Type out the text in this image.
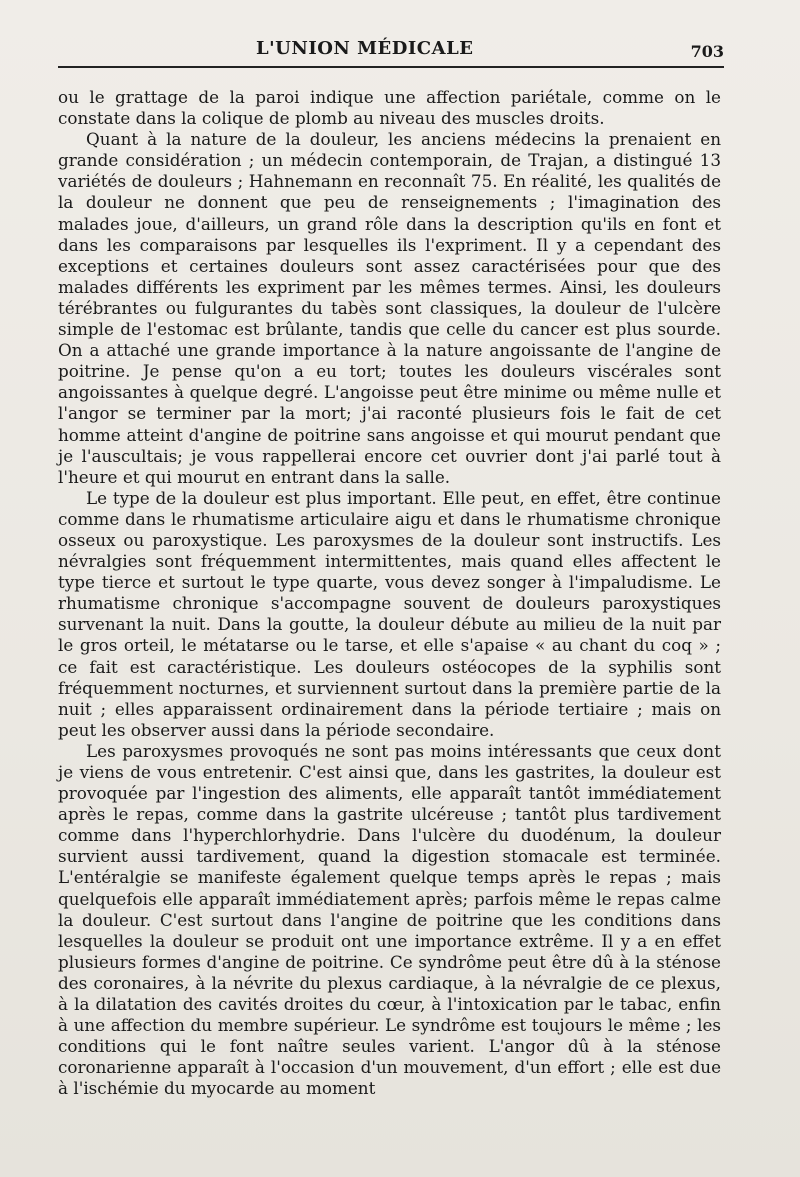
L'UNION MÉDICALE	703

ou le grattage de la paroi indique une affection pariétale, comme on le constate dans la colique de plomb au niveau des muscles droits.

Quant à la nature de la douleur, les anciens médecins la prenaient en grande considération ; un médecin contemporain, de Trajan, a distingué 13 variétés de douleurs ; Hahnemann en reconnaît 75. En réalité, les qualités de la douleur ne donnent que peu de renseignements ; l'imagination des malades joue, d'ailleurs, un grand rôle dans la description qu'ils en font et dans les comparaisons par lesquelles ils l'expriment. Il y a cependant des exceptions et certaines douleurs sont assez caractérisées pour que des malades différents les expriment par les mêmes termes. Ainsi, les douleurs térébrantes ou fulgurantes du tabès sont classiques, la douleur de l'ulcère simple de l'estomac est brûlante, tandis que celle du cancer est plus sourde. On a attaché une grande importance à la nature angoissante de l'angine de poitrine. Je pense qu'on a eu tort; toutes les douleurs viscérales sont angoissantes à quelque degré. L'angoisse peut être minime ou même nulle et l'angor se terminer par la mort; j'ai raconté plusieurs fois le fait de cet homme atteint d'angine de poitrine sans angoisse et qui mourut pendant que je l'auscultais; je vous rappellerai encore cet ouvrier dont j'ai parlé tout à l'heure et qui mourut en entrant dans la salle.

Le type de la douleur est plus important. Elle peut, en effet, être continue comme dans le rhumatisme articulaire aigu et dans le rhumatisme chronique osseux ou paroxystique. Les paroxysmes de la douleur sont instructifs. Les névralgies sont fréquemment intermittentes, mais quand elles affectent le type tierce et surtout le type quarte, vous devez songer à l'impaludisme. Le rhumatisme chronique s'accompagne souvent de douleurs paroxystiques survenant la nuit. Dans la goutte, la douleur débute au milieu de la nuit par le gros orteil, le métatarse ou le tarse, et elle s'apaise « au chant du coq » ; ce fait est caractéristique. Les douleurs ostéocopes de la syphilis sont fréquemment nocturnes, et surviennent surtout dans la première partie de la nuit ; elles apparaissent ordinairement dans la période tertiaire ; mais on peut les observer aussi dans la période secondaire.

Les paroxysmes provoqués ne sont pas moins intéressants que ceux dont je viens de vous entretenir. C'est ainsi que, dans les gastrites, la douleur est provoquée par l'ingestion des aliments, elle apparaît tantôt immédiatement après le repas, comme dans la gastrite ulcéreuse ; tantôt plus tardivement comme dans l'hyperchlorhydrie. Dans l'ulcère du duodénum, la douleur survient aussi tardivement, quand la digestion stomacale est terminée. L'entéralgie se manifeste également quelque temps après le repas ; mais quelquefois elle apparaît immédiatement après; parfois même le repas calme la douleur. C'est surtout dans l'angine de poitrine que les conditions dans lesquelles la douleur se produit ont une importance extrême. Il y a en effet plusieurs formes d'angine de poitrine. Ce syndrôme peut être dû à la sténose des coronaires, à la névrite du plexus cardiaque, à la névralgie de ce plexus, à la dilatation des cavités droites du cœur, à l'intoxication par le tabac, enfin à une affection du membre supérieur. Le syndrôme est toujours le même ; les conditions qui le font naître seules varient. L'angor dû à la sténose coronarienne apparaît à l'occasion d'un mouvement, d'un effort ; elle est due à l'ischémie du myocarde au moment
